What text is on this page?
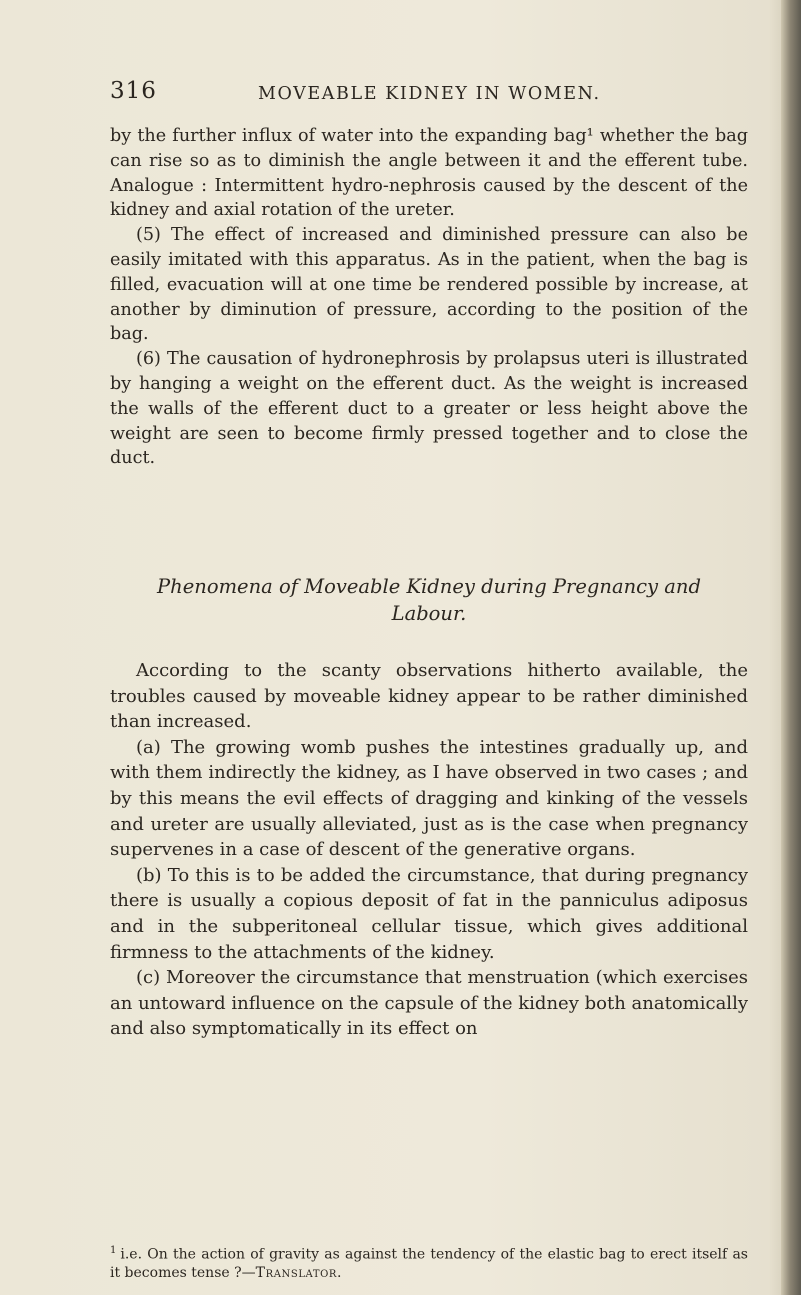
316	MOVEABLE KIDNEY IN WOMEN.

by the further influx of water into the expanding bag¹ whether the bag can rise so as to diminish the angle between it and the efferent tube. Analogue : Intermittent hydro-nephrosis caused by the descent of the kidney and axial rotation of the ureter.

(5) The effect of increased and diminished pressure can also be easily imitated with this apparatus. As in the patient, when the bag is filled, evacuation will at one time be rendered possible by increase, at another by diminution of pressure, according to the position of the bag.

(6) The causation of hydronephrosis by prolapsus uteri is illustrated by hanging a weight on the efferent duct. As the weight is increased the walls of the efferent duct to a greater or less height above the weight are seen to become firmly pressed together and to close the duct.

Phenomena of Moveable Kidney during Pregnancy and
Labour.

According to the scanty observations hitherto available, the troubles caused by moveable kidney appear to be rather diminished than increased.

(a) The growing womb pushes the intestines gradually up, and with them indirectly the kidney, as I have observed in two cases ; and by this means the evil effects of dragging and kinking of the vessels and ureter are usually alleviated, just as is the case when pregnancy supervenes in a case of descent of the generative organs.

(b) To this is to be added the circumstance, that during pregnancy there is usually a copious deposit of fat in the panniculus adiposus and in the subperitoneal cellular tissue, which gives additional firmness to the attachments of the kidney.

(c) Moreover the circumstance that menstruation (which exercises an untoward influence on the capsule of the kidney both anatomically and also symptomatically in its effect on

$^1$ i.e. On the action of gravity as against the tendency of the elastic bag to erect itself as it becomes tense ?—Translator.
